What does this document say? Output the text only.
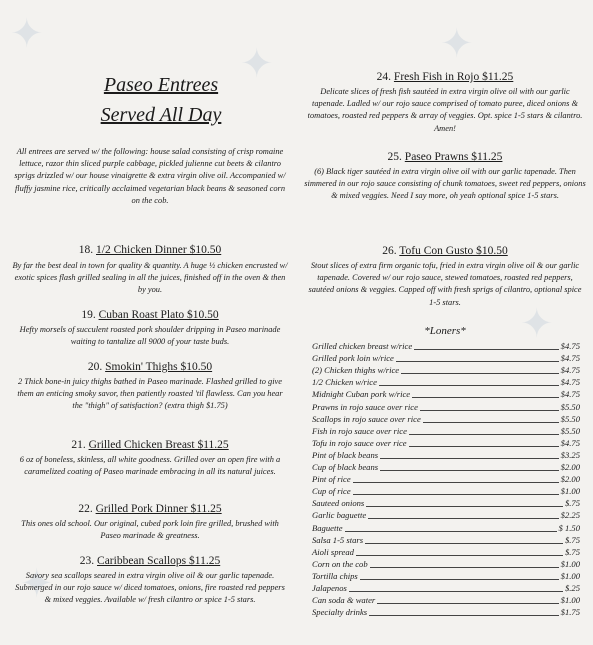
✦
✦	✦
✦
✦
Paseo Entrees
Served All Day

All entrees are served w/ the following: house salad consisting of crisp romaine lettuce, razor thin sliced purple cabbage, pickled julienne cut beets & cilantro sprigs drizzled w/ our house vinaigrette & extra virgin olive oil. Accompanied w/ fluffy jasmine rice, critically acclaimed vegetarian black beans & seasoned corn on the cob.

18. 1/2 Chicken Dinner $10.50

By far the best deal in town for quality & quantity. A huge ½ chicken encrusted w/ exotic spices flash grilled sealing in all the juices, finished off in the oven & then by you.

19. Cuban Roast Plato $10.50

Hefty morsels of succulent roasted pork shoulder dripping in Paseo marinade waiting to tantalize all 9000 of your taste buds.

20. Smokin' Thighs $10.50

2 Thick bone-in juicy thighs bathed in Paseo marinade. Flashed grilled to give them an enticing smoky savor, then patiently roasted 'til flawless. Can you hear the "thigh" of satisfaction? (extra thigh $1.75)

21. Grilled Chicken Breast $11.25

6 oz of boneless, skinless, all white goodness. Grilled over an open fire with a caramelized coating of Paseo marinade embracing in all its natural juices.

22. Grilled Pork Dinner $11.25

This ones old school. Our original, cubed pork loin fire grilled, brushed with Paseo marinade & greatness.

23. Caribbean Scallops $11.25

Savory sea scallops seared in extra virgin olive oil & our garlic tapenade. Submerged in our rojo sauce w/ diced tomatoes, onions, fire roasted red peppers & mixed veggies. Available w/ fresh cilantro or spice 1-5 stars.

24. Fresh Fish in Rojo $11.25

Delicate slices of fresh fish sautéed in extra virgin olive oil with our garlic tapenade. Ladled w/ our rojo sauce comprised of tomato puree, diced onions & tomatoes, roasted red peppers & array of veggies. Opt. spice 1-5 stars & cilantro. Amen!

25. Paseo Prawns $11.25

(6) Black tiger sautéed in extra virgin olive oil with our garlic tapenade. Then simmered in our rojo sauce consisting of chunk tomatoes, sweet red peppers, onions & mixed veggies. Need I say more, oh yeah optional spice 1-5 stars.

26. Tofu Con Gusto $10.50

Stout slices of extra firm organic tofu, fried in extra virgin olive oil & our garlic tapenade. Covered w/ our rojo sauce, stewed tomatoes, roasted red peppers, sautéed onions & veggies. Capped off with fresh sprigs of cilantro, optional spice 1-5 stars.

*Loners*
Grilled chicken breast w/rice	$4.75
Grilled pork loin w/rice	$4.75
(2) Chicken thighs w/rice	$4.75
1/2 Chicken w/rice	$4.75
Midnight Cuban pork w/rice	$4.75
Prawns in rojo sauce over rice	$5.50
Scallops in rojo sauce over rice	$5.50
Fish in rojo sauce over rice	$5.50
Tofu in rojo sauce over rice	$4.75
Pint of black beans	$3.25
Cup of black beans	$2.00
Pint of rice	$2.00
Cup of rice	$1.00
Sauteed onions	$.75
Garlic baguette	$2.25
Baguette	$ 1.50
Salsa 1-5 stars	$.75
Aioli spread	$.75
Corn on the cob	$1.00
Tortilla chips	$1.00
Jalapenos	$.25
Can soda & water	$1.00
Specialty drinks	$1.75
